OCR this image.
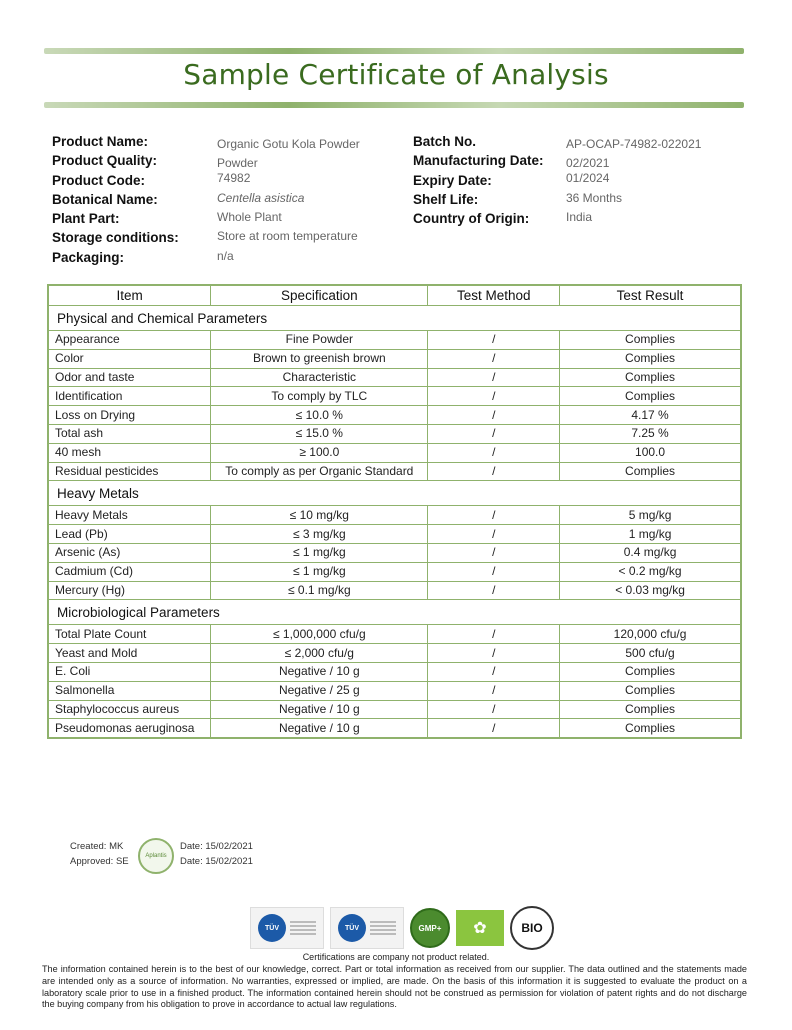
Sample Certificate of Analysis
Product Name:	Organic Gotu Kola Powder
Product Quality:	Powder
Product Code:	74982
Botanical Name:	Centella asistica
Plant Part:	Whole Plant
Storage conditions:	Store at room temperature
Packaging:	n/a
Batch No.	AP-OCAP-74982-022021
Manufacturing Date: 02/2021
Expiry Date:	01/2024
Shelf Life:	36 Months
Country of Origin:	India
Item	Specification	Test Method	Test Result
Physical and Chemical Parameters			
Appearance	Fine Powder	/	Complies
Color	Brown to greenish brown	/	Complies
Odor and taste	Characteristic	/	Complies
Identification	To comply by TLC	/	Complies
Loss on Drying	≤ 10.0 %	/	4.17 %
Total ash	≤ 15.0 %	/	7.25 %
40 mesh	≥ 100.0	/	100.0
Residual pesticides	To comply as per Organic Standard	/	Complies
Heavy Metals			
Heavy Metals	≤ 10 mg/kg	/	5 mg/kg
Lead (Pb)	≤ 3 mg/kg	/	1 mg/kg
Arsenic (As)	≤ 1 mg/kg	/	0.4 mg/kg
Cadmium (Cd)	≤ 1 mg/kg	/	< 0.2 mg/kg
Mercury (Hg)	≤ 0.1 mg/kg	/	< 0.03 mg/kg
Microbiological Parameters			
Total Plate Count	≤ 1,000,000 cfu/g	/	120,000 cfu/g
Yeast and Mold	≤ 2,000 cfu/g	/	500 cfu/g
E. Coli	Negative / 10 g	/	Complies
Salmonella	Negative / 25 g	/	Complies
Staphylococcus aureus	Negative / 10 g	/	Complies
Pseudomonas aeruginosa	Negative / 10 g	/	Complies
Created: MK
Approved: SE	Aplantis
Date: 15/02/2021
Date: 15/02/2021
TÜV	TÜV	GMP+	✿	BIO
Certifications are company not product related.
The information contained herein is to the best of our knowledge, correct. Part or total information as received from our supplier. The data outlined and the statements made are intended only as a source of information. No warranties, expressed or implied, are made. On the basis of this information it is suggested to evaluate the product on a laboratory scale prior to use in a finished product. The information contained herein should not be construed as permission for violation of patent rights and do not discharge the buying company from his obligation to prove in accordance to actual law regulations.
